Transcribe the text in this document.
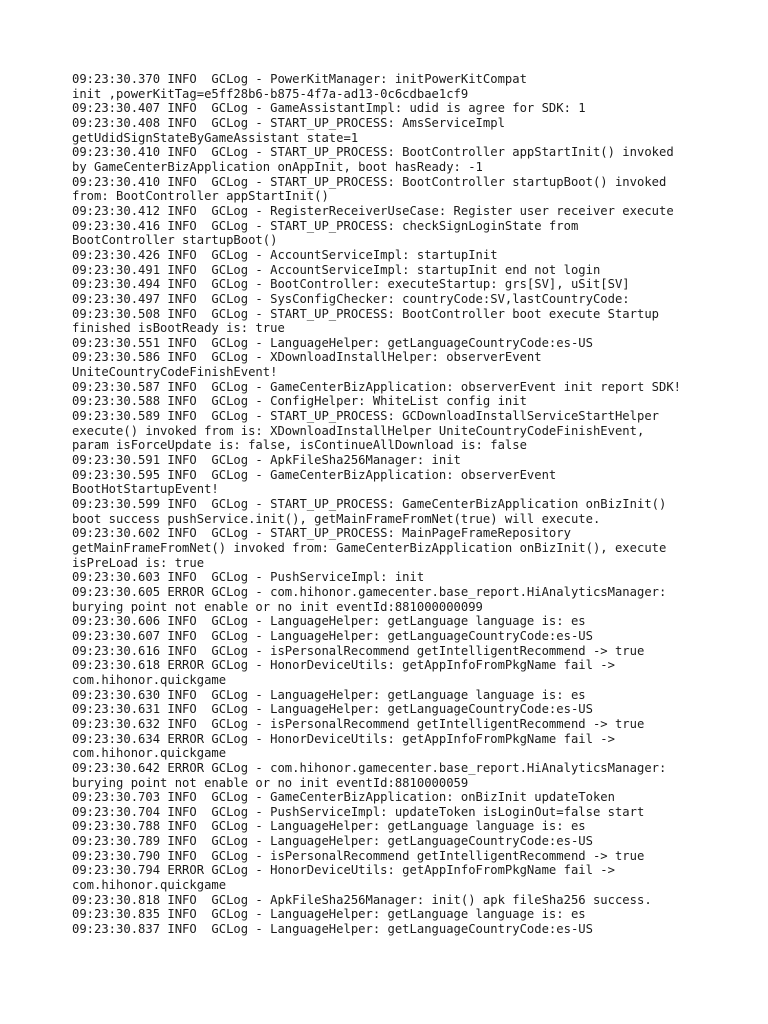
09:23:30.370 INFO  GCLog - PowerKitManager: initPowerKitCompat
init ,powerKitTag=e5ff28b6-b875-4f7a-ad13-0c6cdbae1cf9
09:23:30.407 INFO  GCLog - GameAssistantImpl: udid is agree for SDK: 1
09:23:30.408 INFO  GCLog - START_UP_PROCESS: AmsServiceImpl
getUdidSignStateByGameAssistant state=1
09:23:30.410 INFO  GCLog - START_UP_PROCESS: BootController appStartInit() invoked
by GameCenterBizApplication onAppInit, boot hasReady: -1
09:23:30.410 INFO  GCLog - START_UP_PROCESS: BootController startupBoot() invoked
from: BootController appStartInit()
09:23:30.412 INFO  GCLog - RegisterReceiverUseCase: Register user receiver execute
09:23:30.416 INFO  GCLog - START_UP_PROCESS: checkSignLoginState from
BootController startupBoot()
09:23:30.426 INFO  GCLog - AccountServiceImpl: startupInit
09:23:30.491 INFO  GCLog - AccountServiceImpl: startupInit end not login
09:23:30.494 INFO  GCLog - BootController: executeStartup: grs[SV], uSit[SV]
09:23:30.497 INFO  GCLog - SysConfigChecker: countryCode:SV,lastCountryCode:
09:23:30.508 INFO  GCLog - START_UP_PROCESS: BootController boot execute Startup
finished isBootReady is: true
09:23:30.551 INFO  GCLog - LanguageHelper: getLanguageCountryCode:es-US
09:23:30.586 INFO  GCLog - XDownloadInstallHelper: observerEvent
UniteCountryCodeFinishEvent!
09:23:30.587 INFO  GCLog - GameCenterBizApplication: observerEvent init report SDK!
09:23:30.588 INFO  GCLog - ConfigHelper: WhiteList config init
09:23:30.589 INFO  GCLog - START_UP_PROCESS: GCDownloadInstallServiceStartHelper
execute() invoked from is: XDownloadInstallHelper UniteCountryCodeFinishEvent,
param isForceUpdate is: false, isContinueAllDownload is: false
09:23:30.591 INFO  GCLog - ApkFileSha256Manager: init
09:23:30.595 INFO  GCLog - GameCenterBizApplication: observerEvent
BootHotStartupEvent!
09:23:30.599 INFO  GCLog - START_UP_PROCESS: GameCenterBizApplication onBizInit()
boot success pushService.init(), getMainFrameFromNet(true) will execute.
09:23:30.602 INFO  GCLog - START_UP_PROCESS: MainPageFrameRepository
getMainFrameFromNet() invoked from: GameCenterBizApplication onBizInit(), execute
isPreLoad is: true
09:23:30.603 INFO  GCLog - PushServiceImpl: init
09:23:30.605 ERROR GCLog - com.hihonor.gamecenter.base_report.HiAnalyticsManager:
burying point not enable or no init eventId:881000000099
09:23:30.606 INFO  GCLog - LanguageHelper: getLanguage language is: es
09:23:30.607 INFO  GCLog - LanguageHelper: getLanguageCountryCode:es-US
09:23:30.616 INFO  GCLog - isPersonalRecommend getIntelligentRecommend -> true
09:23:30.618 ERROR GCLog - HonorDeviceUtils: getAppInfoFromPkgName fail ->
com.hihonor.quickgame
09:23:30.630 INFO  GCLog - LanguageHelper: getLanguage language is: es
09:23:30.631 INFO  GCLog - LanguageHelper: getLanguageCountryCode:es-US
09:23:30.632 INFO  GCLog - isPersonalRecommend getIntelligentRecommend -> true
09:23:30.634 ERROR GCLog - HonorDeviceUtils: getAppInfoFromPkgName fail ->
com.hihonor.quickgame
09:23:30.642 ERROR GCLog - com.hihonor.gamecenter.base_report.HiAnalyticsManager:
burying point not enable or no init eventId:8810000059
09:23:30.703 INFO  GCLog - GameCenterBizApplication: onBizInit updateToken
09:23:30.704 INFO  GCLog - PushServiceImpl: updateToken isLoginOut=false start
09:23:30.788 INFO  GCLog - LanguageHelper: getLanguage language is: es
09:23:30.789 INFO  GCLog - LanguageHelper: getLanguageCountryCode:es-US
09:23:30.790 INFO  GCLog - isPersonalRecommend getIntelligentRecommend -> true
09:23:30.794 ERROR GCLog - HonorDeviceUtils: getAppInfoFromPkgName fail ->
com.hihonor.quickgame
09:23:30.818 INFO  GCLog - ApkFileSha256Manager: init() apk fileSha256 success.
09:23:30.835 INFO  GCLog - LanguageHelper: getLanguage language is: es
09:23:30.837 INFO  GCLog - LanguageHelper: getLanguageCountryCode:es-US
